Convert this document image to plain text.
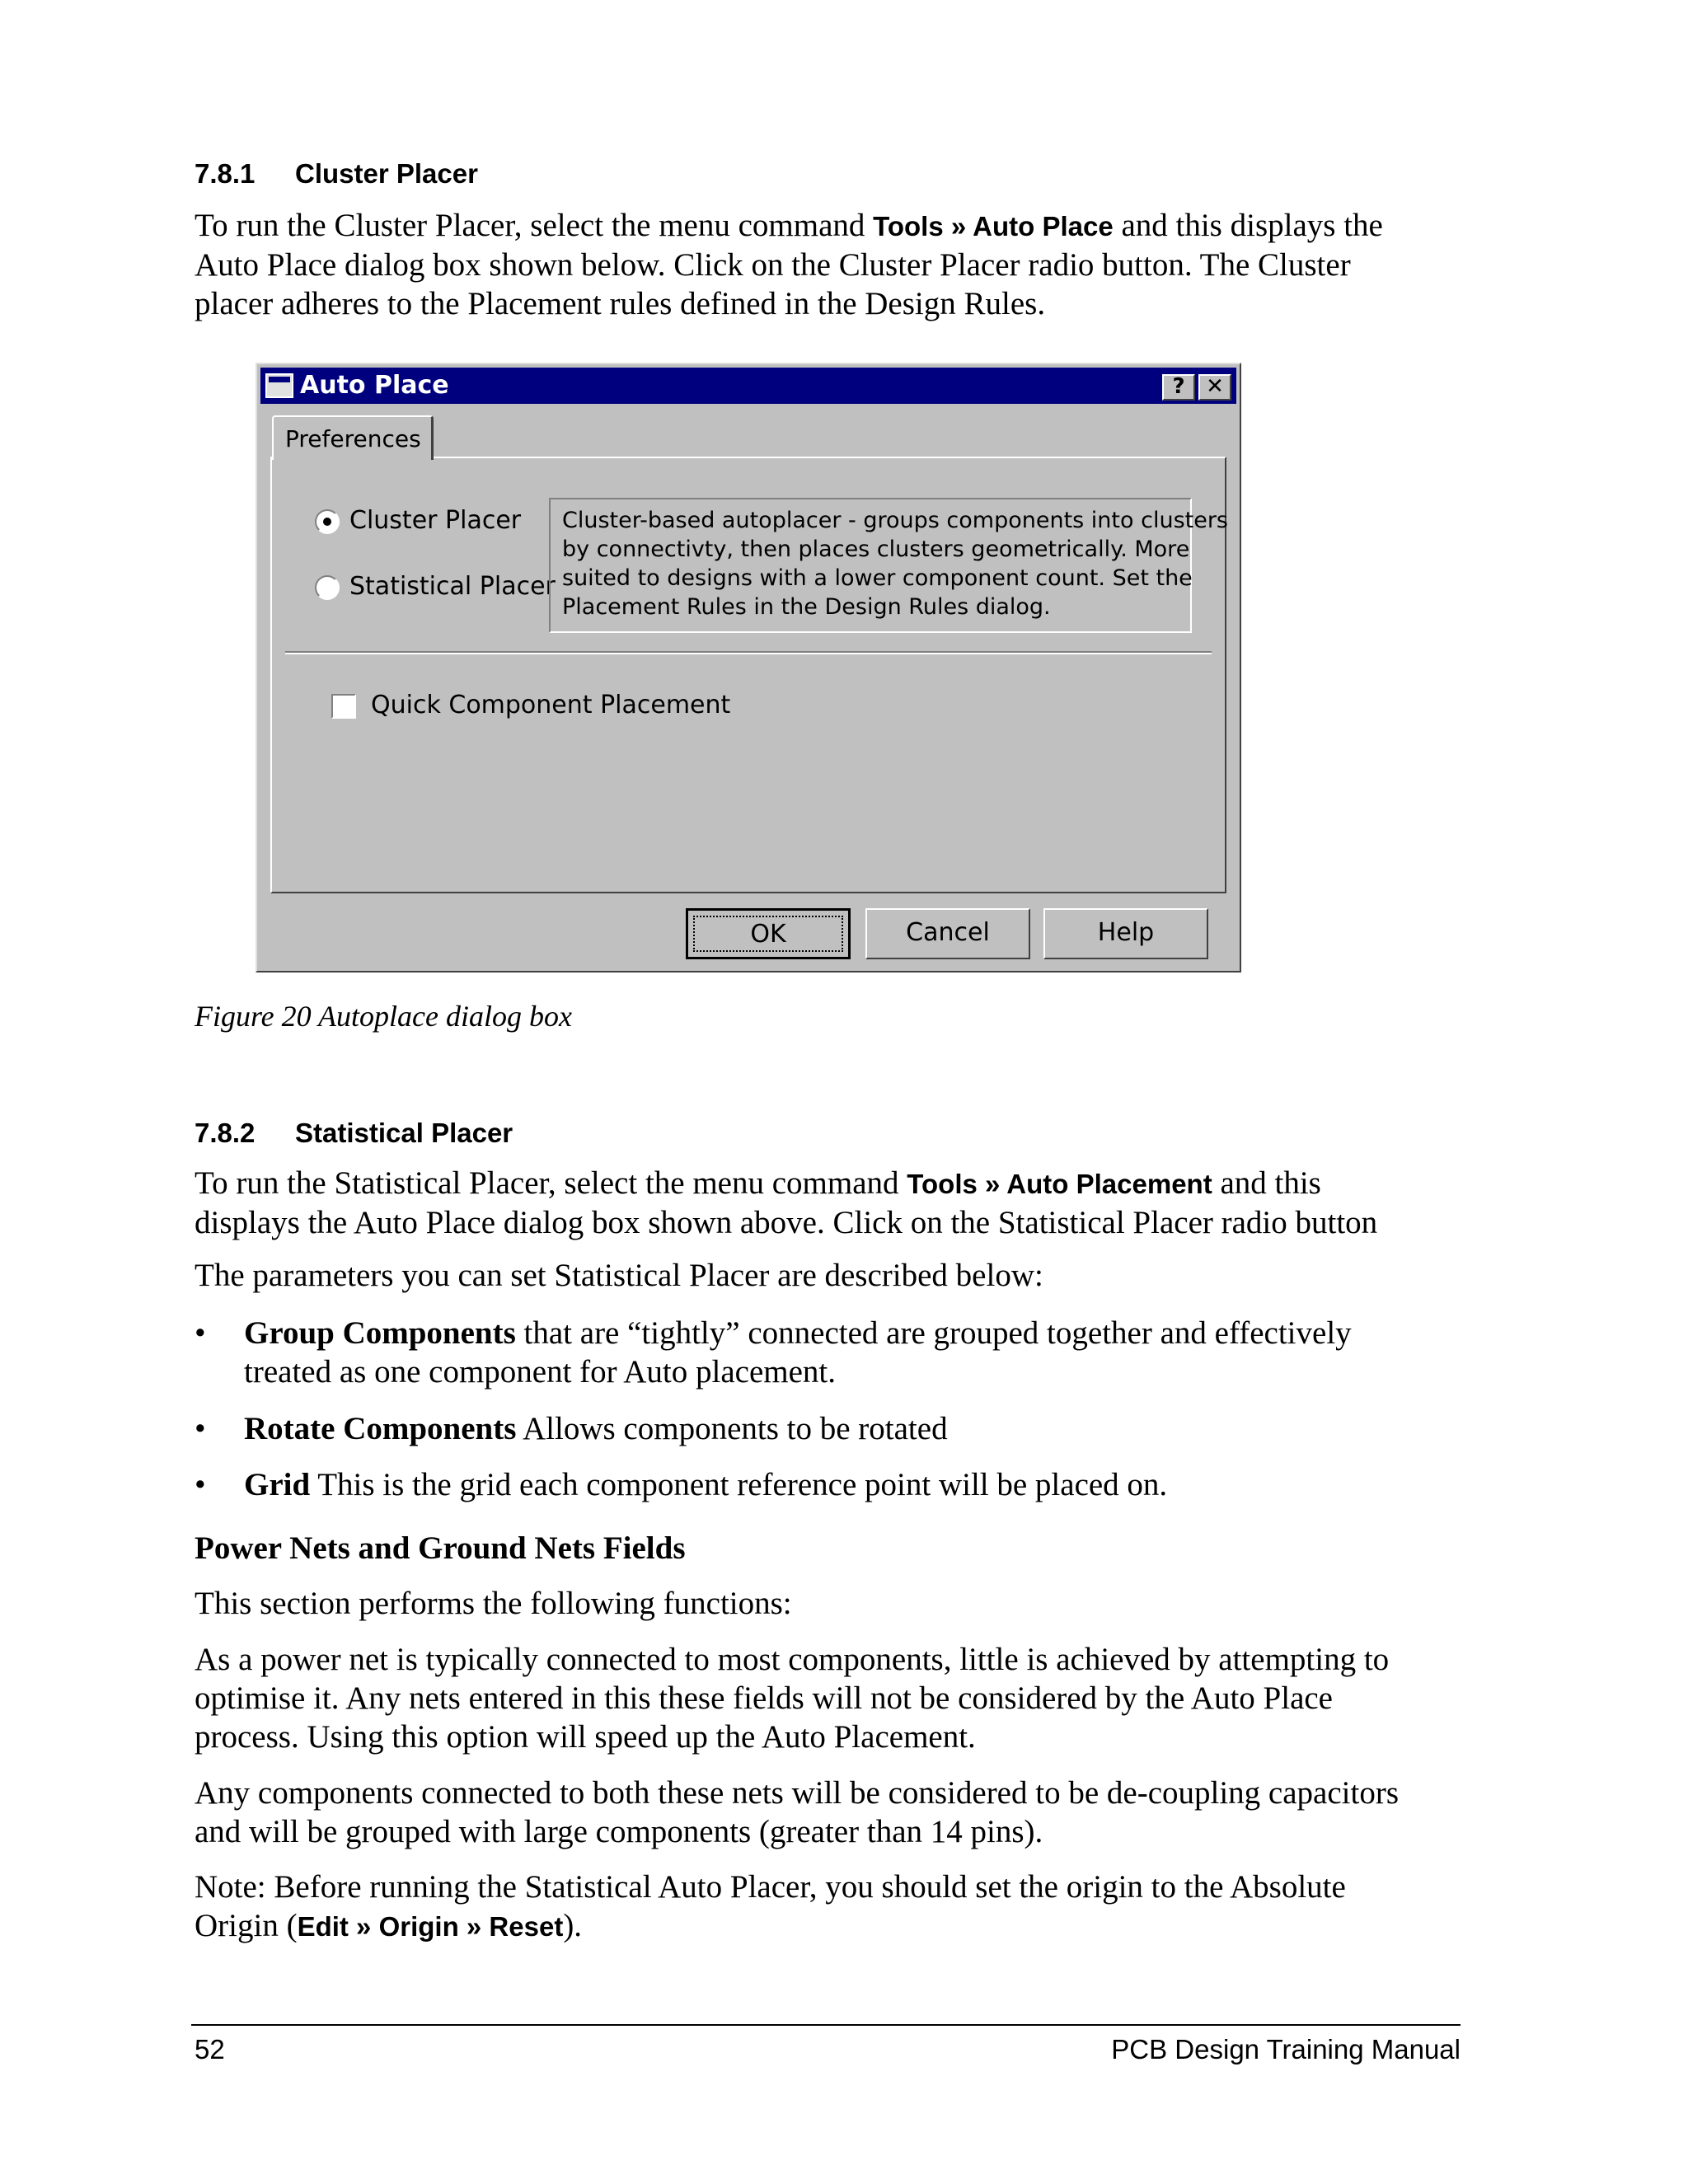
7.8.1 Cluster Placer
To run the Cluster Placer, select the menu command Tools » Auto Place and this displays the
Auto Place dialog box shown below. Click on the Cluster Placer radio button. The Cluster
placer adheres to the Placement rules defined in the Design Rules.
Auto Place	? ✕
Preferences
Cluster Placer
Statistical Placer
Cluster-based autoplacer - groups components into clusters
by connectivty, then places clusters geometrically. More
suited to designs with a lower component count. Set the
Placement Rules in the Design Rules dialog.
Quick Component Placement
OK	Cancel	Help
Figure 20 Autoplace dialog box
7.8.2 Statistical Placer
To run the Statistical Placer, select the menu command Tools » Auto Placement and this
displays the Auto Place dialog box shown above. Click on the Statistical Placer radio button
The parameters you can set Statistical Placer are described below:
• Group Components that are “tightly” connected are grouped together and effectively
treated as one component for Auto placement.
• Rotate Components Allows components to be rotated
• Grid This is the grid each component reference point will be placed on.
Power Nets and Ground Nets Fields
This section performs the following functions:
As a power net is typically connected to most components, little is achieved by attempting to
optimise it. Any nets entered in this these fields will not be considered by the Auto Place
process. Using this option will speed up the Auto Placement.
Any components connected to both these nets will be considered to be de-coupling capacitors
and will be grouped with large components (greater than 14 pins).
Note: Before running the Statistical Auto Placer, you should set the origin to the Absolute
Origin (Edit » Origin » Reset).
52	PCB Design Training Manual
